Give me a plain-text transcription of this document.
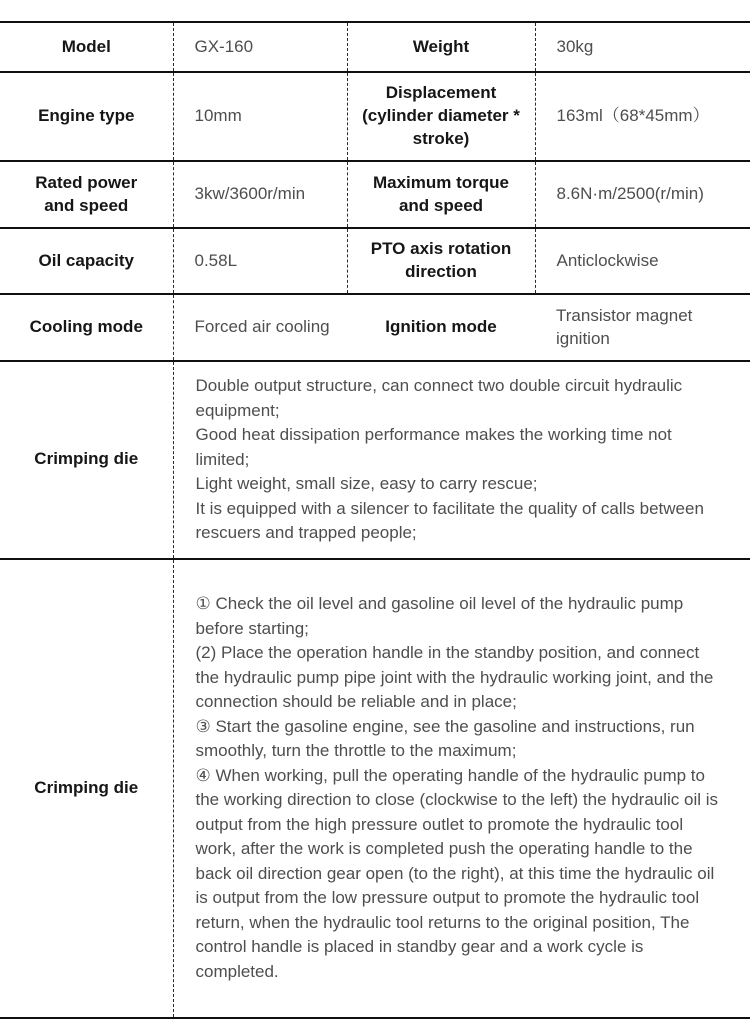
Model	GX-160	Weight	30kg
Engine type	10mm	Displacement (cylinder diameter * stroke)	163ml（68*45mm）
Rated power and speed	3kw/3600r/min	Maximum torque and speed	8.6N·m/2500(r/min)
Oil capacity	0.58L	PTO axis rotation direction	Anticlockwise
Cooling mode	Forced air cooling	Ignition mode	Transistor magnet ignition
Crimping die	Double output structure, can connect two double circuit hydraulic equipment;
Good heat dissipation performance makes the working time not limited;
Light weight, small size, easy to carry rescue;
It is equipped with a silencer to facilitate the quality of calls between rescuers and trapped people;		

Crimping die	① Check the oil level and gasoline oil level of the hydraulic pump before starting;
(2) Place the operation handle in the standby position, and connect the hydraulic pump pipe joint with the hydraulic working joint, and the connection should be reliable and in place;
③ Start the gasoline engine, see the gasoline and instructions, run smoothly, turn the throttle to the maximum;
④ When working, pull the operating handle of the hydraulic pump to the working direction to close (clockwise to the left) the hydraulic oil is output from the high pressure outlet to promote the hydraulic tool work, after the work is completed push the operating handle to the back oil direction gear open (to the right), at this time the hydraulic oil is output from the low pressure output to promote the hydraulic tool return, when the hydraulic tool returns to the original position, The control handle is placed in standby gear and a work cycle is completed.		
